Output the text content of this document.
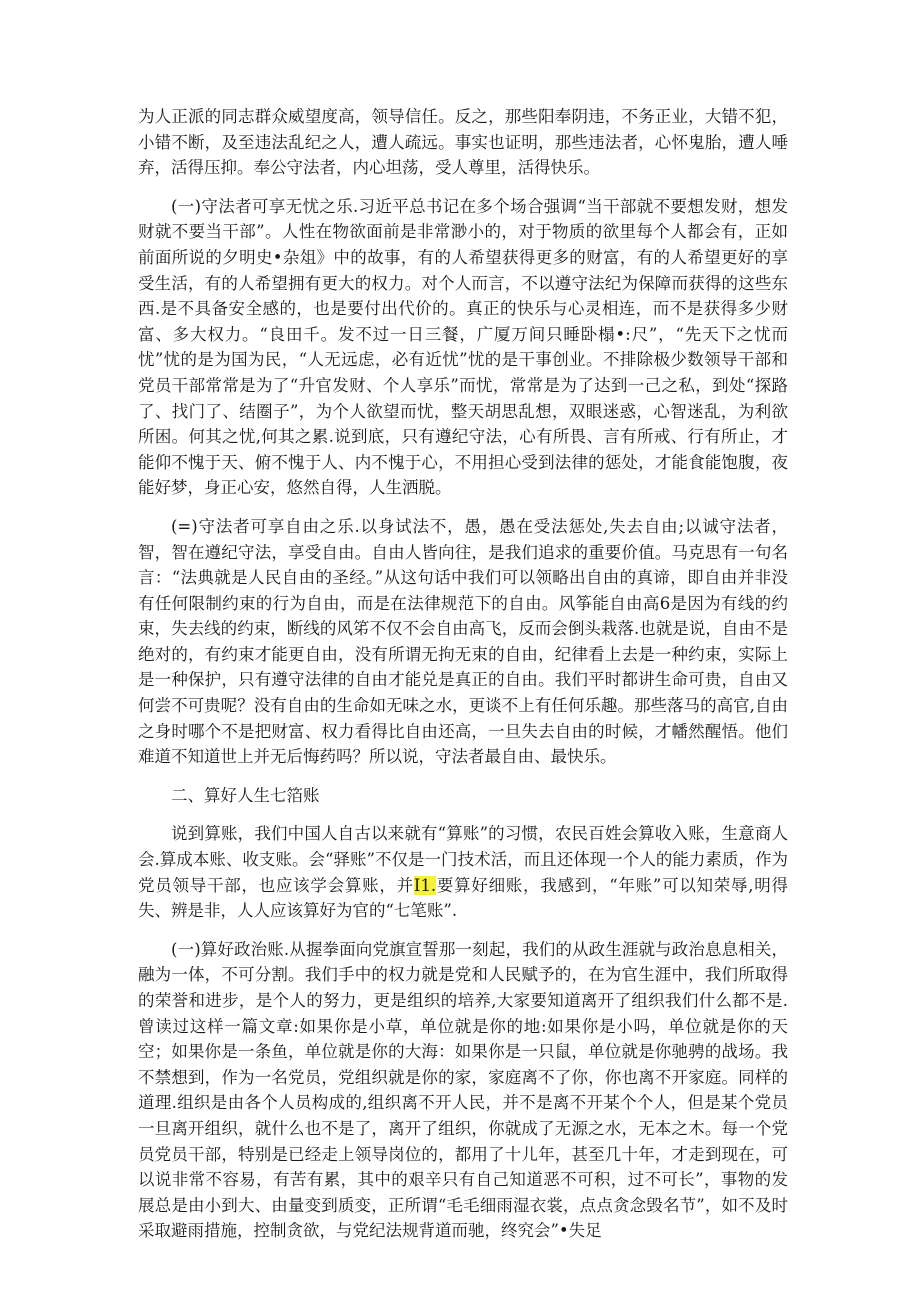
为人正派的同志群众威望度高，领导信任。反之，那些阳奉阴违，不务正业，大错不犯，小错不断，及至违法乱纪之人，遭人疏远。事实也证明，那些违法者，心怀鬼胎，遭人唾弃，活得压抑。奉公守法者，内心坦荡，受人尊里，活得快乐。

(一)守法者可享无忧之乐.习近平总书记在多个场合强调“当干部就不要想发财，想发财就不要当干部”。人性在物欲面前是非常渺小的，对于物质的欲里每个人都会有，正如前面所说的夕明史•杂俎》中的故事，有的人希望获得更多的财富，有的人希望更好的享受生活，有的人希望拥有更大的权力。对个人而言，不以遵守法纪为保障而获得的这些东西.是不具备安全感的，也是要付出代价的。真正的快乐与心灵相连，而不是获得多少财富、多大权力。“良田千。发不过一日三餐，广厦万间只睡卧榻•:尺”，“先天下之忧而忧”忧的是为国为民，“人无远虑，必有近忧”忧的是干事创业。不排除极少数领导干部和党员干部常常是为了“升官发财、个人享乐”而忧，常常是为了达到一己之私，到处“探路了、找门了、结圈子”，为个人欲望而忧，整天胡思乱想，双眼迷惑，心智迷乱，为利欲所困。何其之忧,何其之累.说到底，只有遵纪守法，心有所畏、言有所戒、行有所止，才能仰不愧于天、俯不愧于人、内不愧于心，不用担心受到法律的惩处，才能食能饱腹，夜能好梦，身正心安，悠然自得，人生洒脱。

(=)守法者可享自由之乐.以身试法不，愚，愚在受法惩处,失去自由;以诚守法者，智，智在遵纪守法，享受自由。自由人皆向往，是我们追求的重要价值。马克思有一句名言：“法典就是人民自由的圣经。”从这句话中我们可以领略出自由的真谛，即自由并非没有任何限制约束的行为自由，而是在法律规范下的自由。风筝能自由高6是因为有线的约束，失去线的约束，断线的风笫不仅不会自由高飞，反而会倒头栽落.也就是说，自由不是绝对的，有约束才能更自由，没有所谓无拘无束的自由，纪律看上去是一种约束，实际上是一种保护，只有遵守法律的自由才能兑是真正的自由。我们平时都讲生命可贵，自由又何尝不可贵呢？没有自由的生命如无味之水，更谈不上有任何乐趣。那些落马的高官,自由之身时哪个不是把财富、权力看得比自由还高，一旦失去自由的时候，才幡然醒悟。他们难道不知道世上并无后悔药吗？所以说，守法者最自由、最快乐。

二、算好人生七箔账

说到算账，我们中国人自古以来就有“算账”的习惯，农民百姓会算收入账，生意商人会.算成本账、收支账。会“驿账”不仅是一门技术活，而且还体现一个人的能力素质，作为党员领导干部，也应该学会算账，并I1.要算好细账，我感到，“年账”可以知荣辱,明得失、辨是非，人人应该算好为官的“七笔账”.

(一)算好政治账.从握拳面向党旗宣誓那一刻起，我们的从政生涯就与政治息息相关，融为一体，不可分割。我们手中的权力就是党和人民赋予的，在为官生涯中，我们所取得的荣誉和进步，是个人的努力，更是组织的培养,大家要知道离开了组织我们什么都不是.曾读过这样一篇文章:如果你是小草，单位就是你的地:如果你是小吗，单位就是你的天空；如果你是一条鱼，单位就是你的大海：如果你是一只鼠，单位就是你驰骋的战场。我不禁想到，作为一名党员，党组织就是你的家，家庭离不了你，你也离不开家庭。同样的道理.组织是由各个人员构成的,组织离不开人民，并不是离不开某个个人，但是某个党员一旦离开组织，就什么也不是了，离开了组织，你就成了无源之水，无本之木。每一个党员党员干部，特别是已经走上领导岗位的，都用了十儿年，甚至几十年，才走到现在，可以说非常不容易，有苦有累，其中的艰辛只有自己知道恶不可积，过不可长”，事物的发展总是由小到大、由量变到质变，正所谓“毛毛细雨湿衣裳，点点贪念毁名节”，如不及时采取避雨措施，控制贪欲，与党纪法规背道而驰，终究会”•失足
